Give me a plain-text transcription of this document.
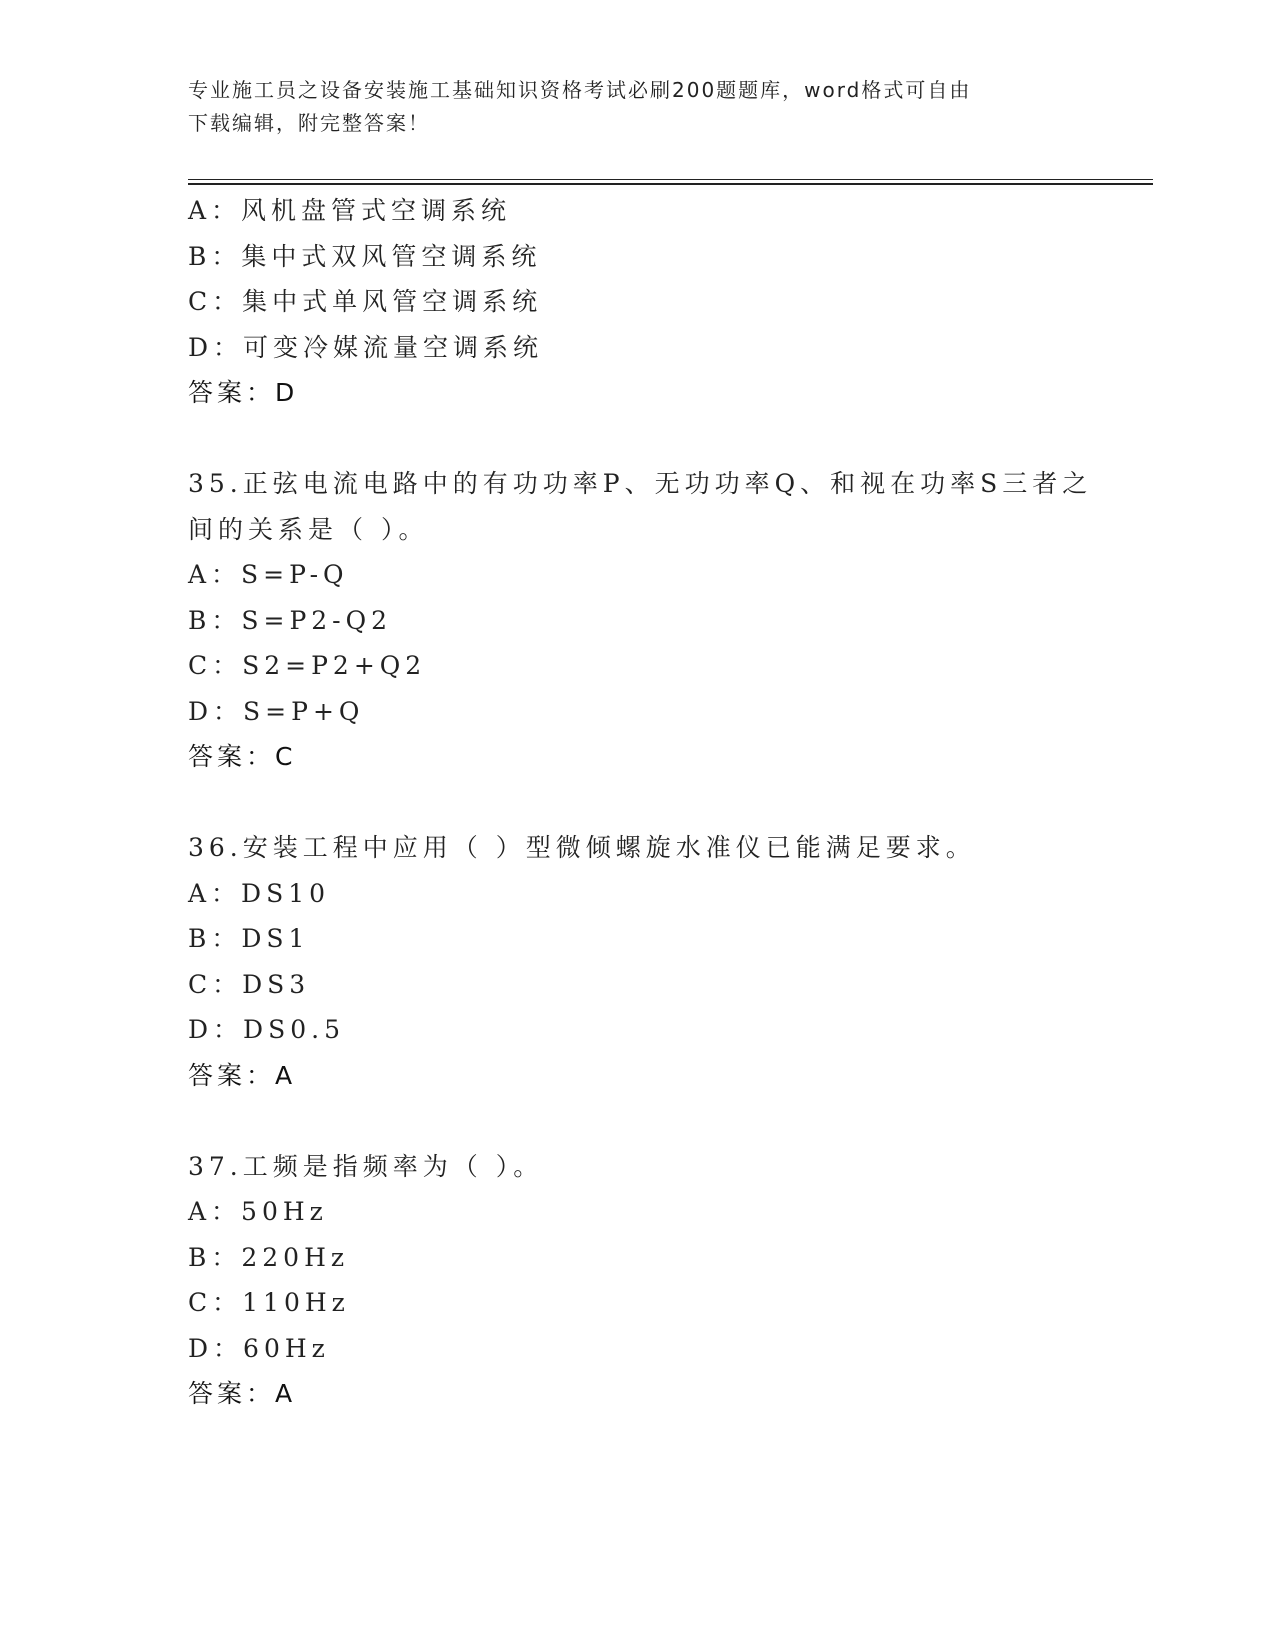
专业施工员之设备安装施工基础知识资格考试必刷200题题库，word格式可自由
下载编辑，附完整答案！
A：风机盘管式空调系统
B：集中式双风管空调系统
C：集中式单风管空调系统
D：可变冷媒流量空调系统
答案：D
35.正弦电流电路中的有功功率P、无功功率Q、和视在功率S三者之
间的关系是（ ）。
A：S=P-Q
B：S=P2-Q2
C：S2=P2+Q2
D：S=P+Q
答案：C
36.安装工程中应用（ ）型微倾螺旋水准仪已能满足要求。
A：DS10
B：DS1
C：DS3
D：DS0.5
答案：A
37.工频是指频率为（ ）。
A：50Hz
B：220Hz
C：110Hz
D：60Hz
答案：A
